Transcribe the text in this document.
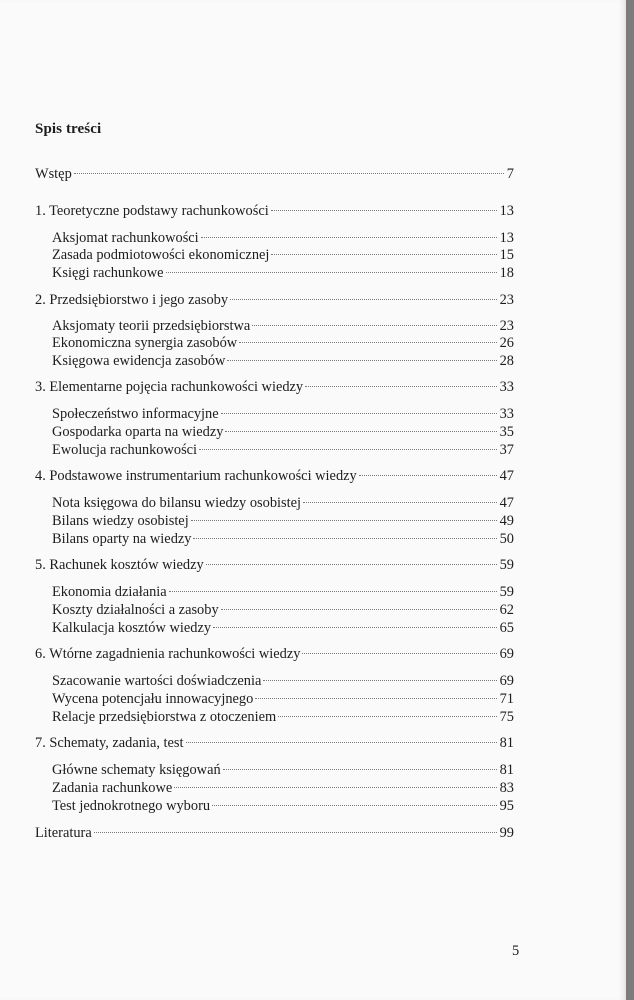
Spis treści
Wstęp	7
1. Teoretyczne podstawy rachunkowości	13
Aksjomat rachunkowości	13
Zasada podmiotowości ekonomicznej	15
Księgi rachunkowe	18
2. Przedsiębiorstwo i jego zasoby	23
Aksjomaty teorii przedsiębiorstwa	23
Ekonomiczna synergia zasobów	26
Księgowa ewidencja zasobów	28
3. Elementarne pojęcia rachunkowości wiedzy	33
Społeczeństwo informacyjne	33
Gospodarka oparta na wiedzy	35
Ewolucja rachunkowości	37
4. Podstawowe instrumentarium rachunkowości wiedzy	47
Nota księgowa do bilansu wiedzy osobistej	47
Bilans wiedzy osobistej	49
Bilans oparty na wiedzy	50
5. Rachunek kosztów wiedzy	59
Ekonomia działania	59
Koszty działalności a zasoby	62
Kalkulacja kosztów wiedzy	65
6. Wtórne zagadnienia rachunkowości wiedzy	69
Szacowanie wartości doświadczenia	69
Wycena potencjału innowacyjnego	71
Relacje przedsiębiorstwa z otoczeniem	75
7. Schematy, zadania, test	81
Główne schematy księgowań	81
Zadania rachunkowe	83
Test jednokrotnego wyboru	95
Literatura	99
5
